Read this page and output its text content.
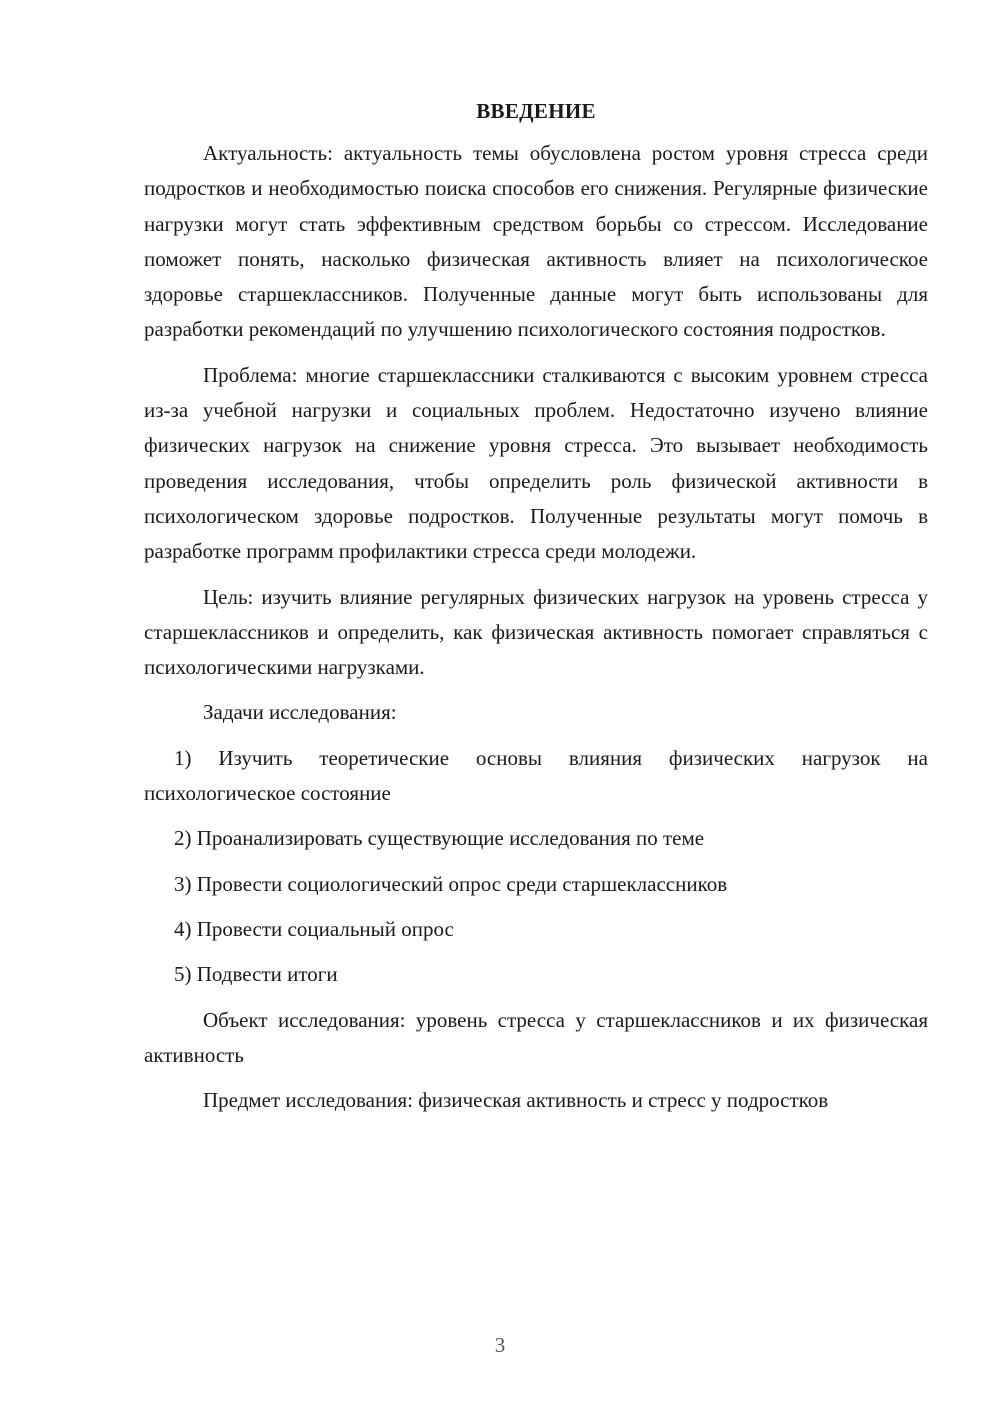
ВВЕДЕНИЕ

Актуальность: актуальность темы обусловлена ростом уровня стресса среди подростков и необходимостью поиска способов его снижения. Регулярные физические нагрузки могут стать эффективным средством борьбы со стрессом. Исследование поможет понять, насколько физическая активность влияет на психологическое здоровье старшеклассников. Полученные данные могут быть использованы для разработки рекомендаций по улучшению психологического состояния подростков.

Проблема: многие старшеклассники сталкиваются с высоким уровнем стресса из-за учебной нагрузки и социальных проблем. Недостаточно изучено влияние физических нагрузок на снижение уровня стресса. Это вызывает необходимость проведения исследования, чтобы определить роль физической активности в психологическом здоровье подростков. Полученные результаты могут помочь в разработке программ профилактики стресса среди молодежи.

Цель: изучить влияние регулярных физических нагрузок на уровень стресса у старшеклассников и определить, как физическая активность помогает справляться с психологическими нагрузками.

Задачи исследования:

1) Изучить теоретические основы влияния физических нагрузок на психологическое состояние

2) Проанализировать существующие исследования по теме

3) Провести социологический опрос среди старшеклассников

4) Провести социальный опрос

5) Подвести итоги

Объект исследования: уровень стресса у старшеклассников и их физическая активность

Предмет исследования: физическая активность и стресс у подростков

3
